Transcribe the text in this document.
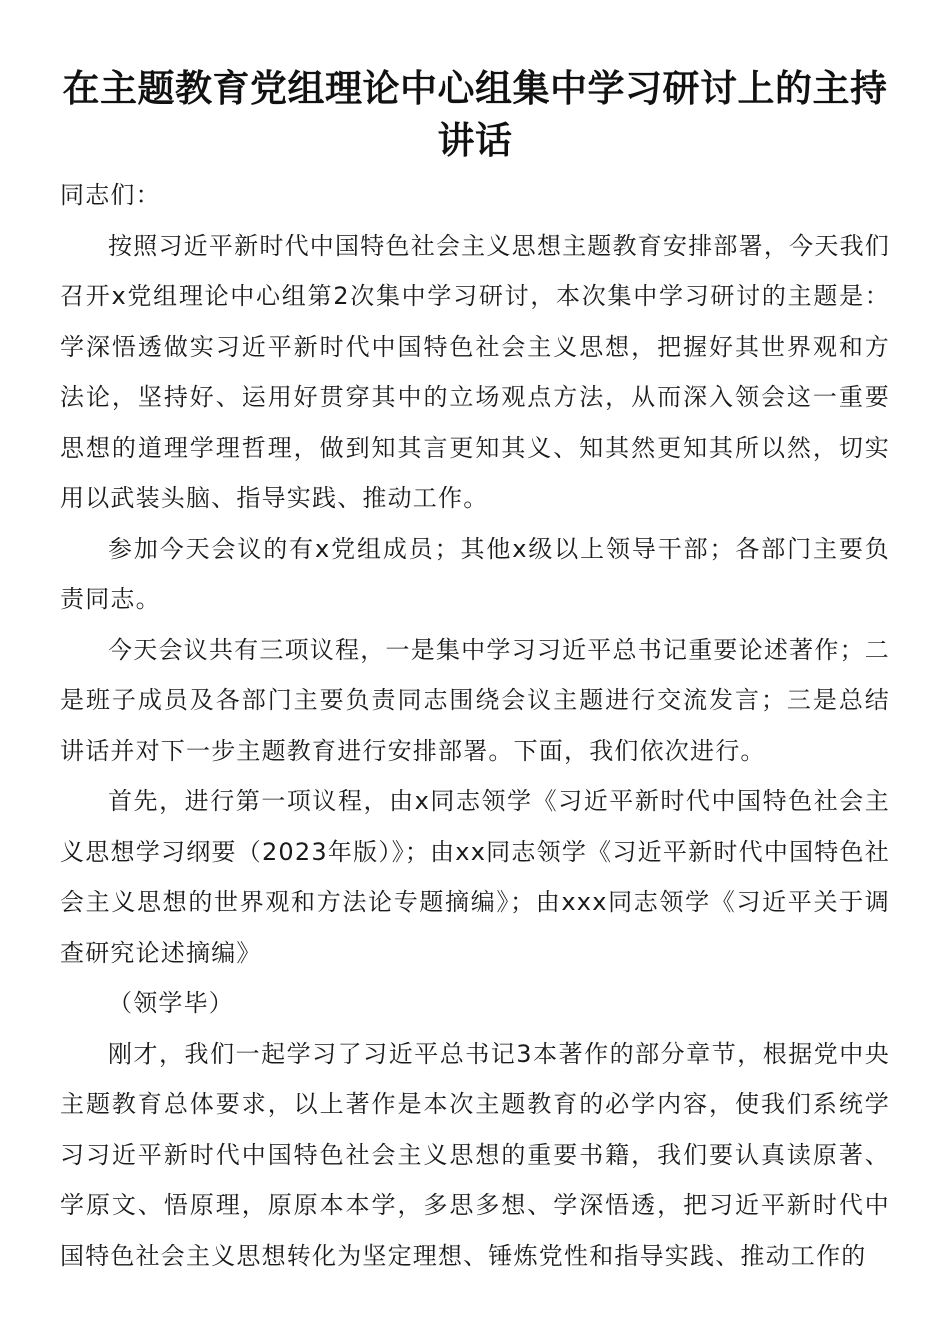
在主题教育党组理论中心组集中学习研讨上的主持讲话

同志们：

按照习近平新时代中国特色社会主义思想主题教育安排部署，今天我们召开x党组理论中心组第2次集中学习研讨，本次集中学习研讨的主题是：学深悟透做实习近平新时代中国特色社会主义思想，把握好其世界观和方法论，坚持好、运用好贯穿其中的立场观点方法，从而深入领会这一重要思想的道理学理哲理，做到知其言更知其义、知其然更知其所以然，切实用以武装头脑、指导实践、推动工作。

参加今天会议的有x党组成员；其他x级以上领导干部；各部门主要负责同志。

今天会议共有三项议程，一是集中学习习近平总书记重要论述著作；二是班子成员及各部门主要负责同志围绕会议主题进行交流发言；三是总结讲话并对下一步主题教育进行安排部署。下面，我们依次进行。

首先，进行第一项议程，由x同志领学《习近平新时代中国特色社会主义思想学习纲要（2023年版）》；由xx同志领学《习近平新时代中国特色社会主义思想的世界观和方法论专题摘编》；由xxx同志领学《习近平关于调查研究论述摘编》

（领学毕）

刚才，我们一起学习了习近平总书记3本著作的部分章节，根据党中央主题教育总体要求，以上著作是本次主题教育的必学内容，使我们系统学习习近平新时代中国特色社会主义思想的重要书籍，我们要认真读原著、学原文、悟原理，原原本本学，多思多想、学深悟透，把习近平新时代中国特色社会主义思想转化为坚定理想、锤炼党性和指导实践、推动工作的
